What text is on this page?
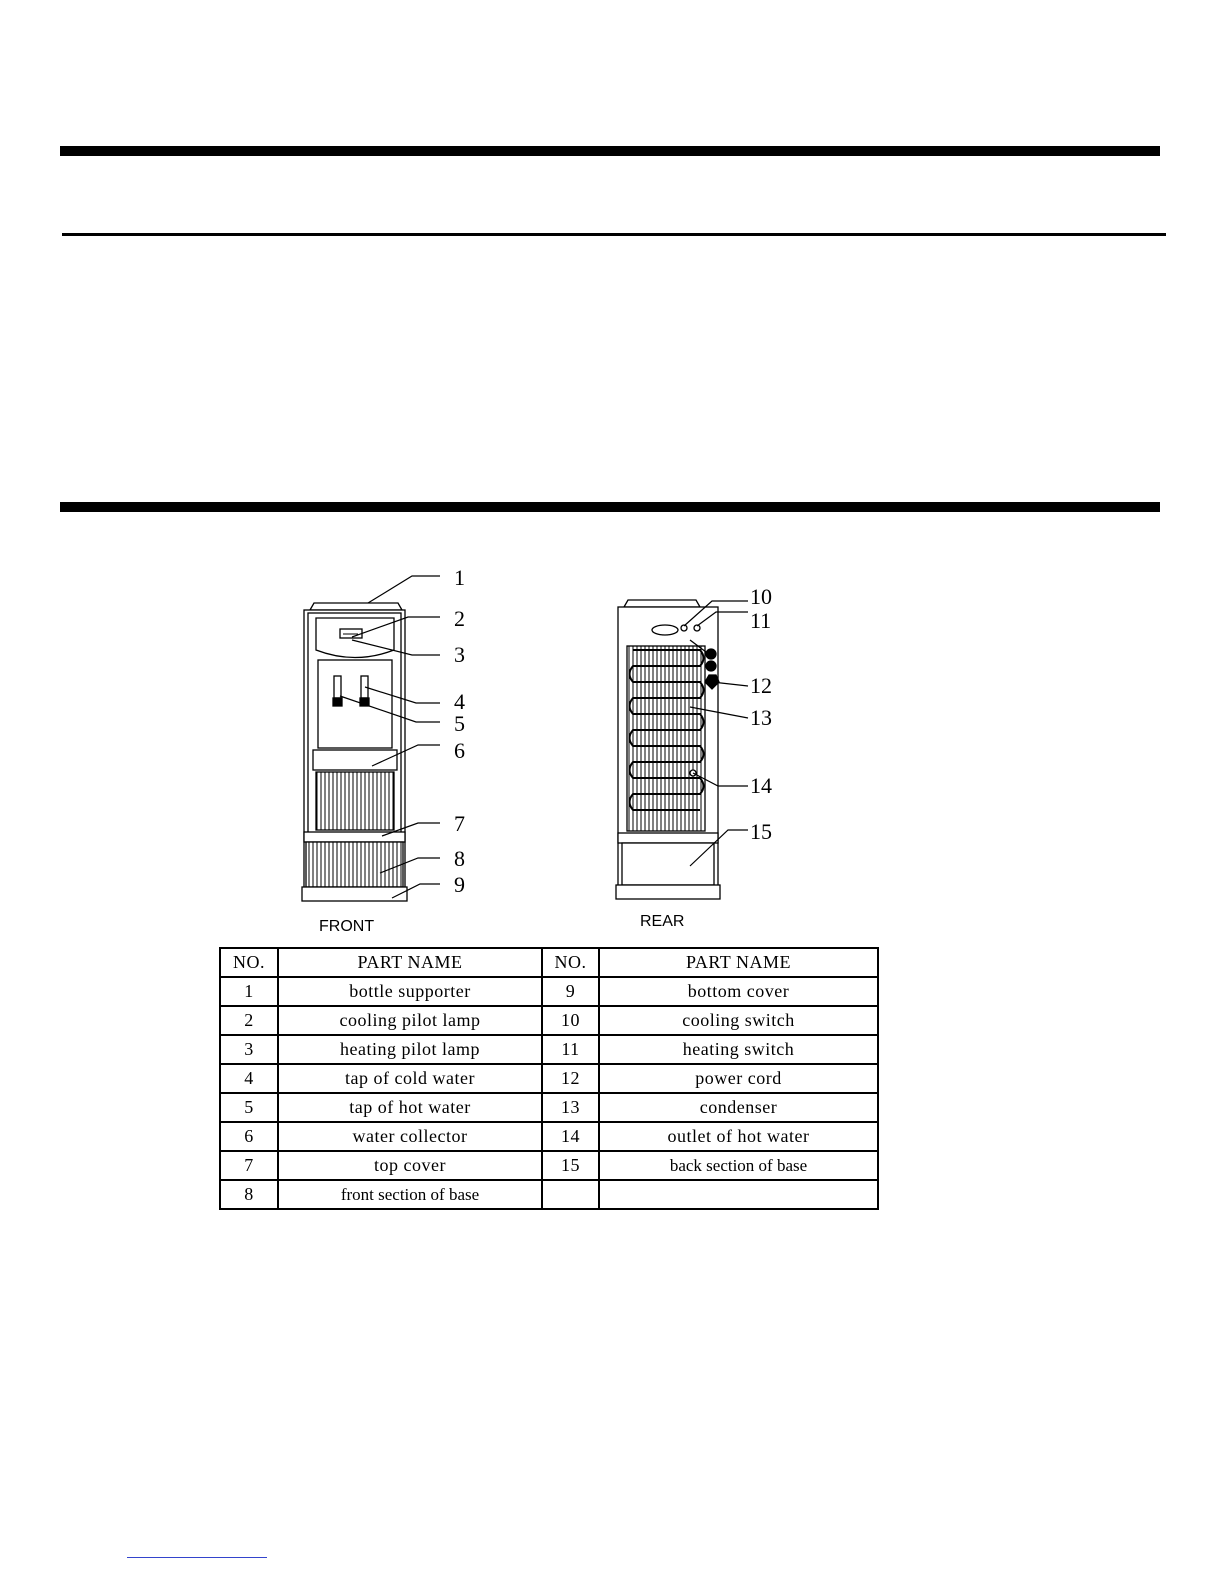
1
2
3
4
5
6
7
8
9
FRONT
10
11
12
13
14
15
REAR
NO.	PART NAME	NO.	PART NAME
1	bottle supporter	9	bottom cover
2	cooling pilot lamp	10	cooling switch
3	heating pilot lamp	11	heating switch
4	tap of cold water	12	power cord
5	tap of hot water	13	condenser
6	water collector	14	outlet of hot water
7	top cover	15	back section of base
8	front section of base		
